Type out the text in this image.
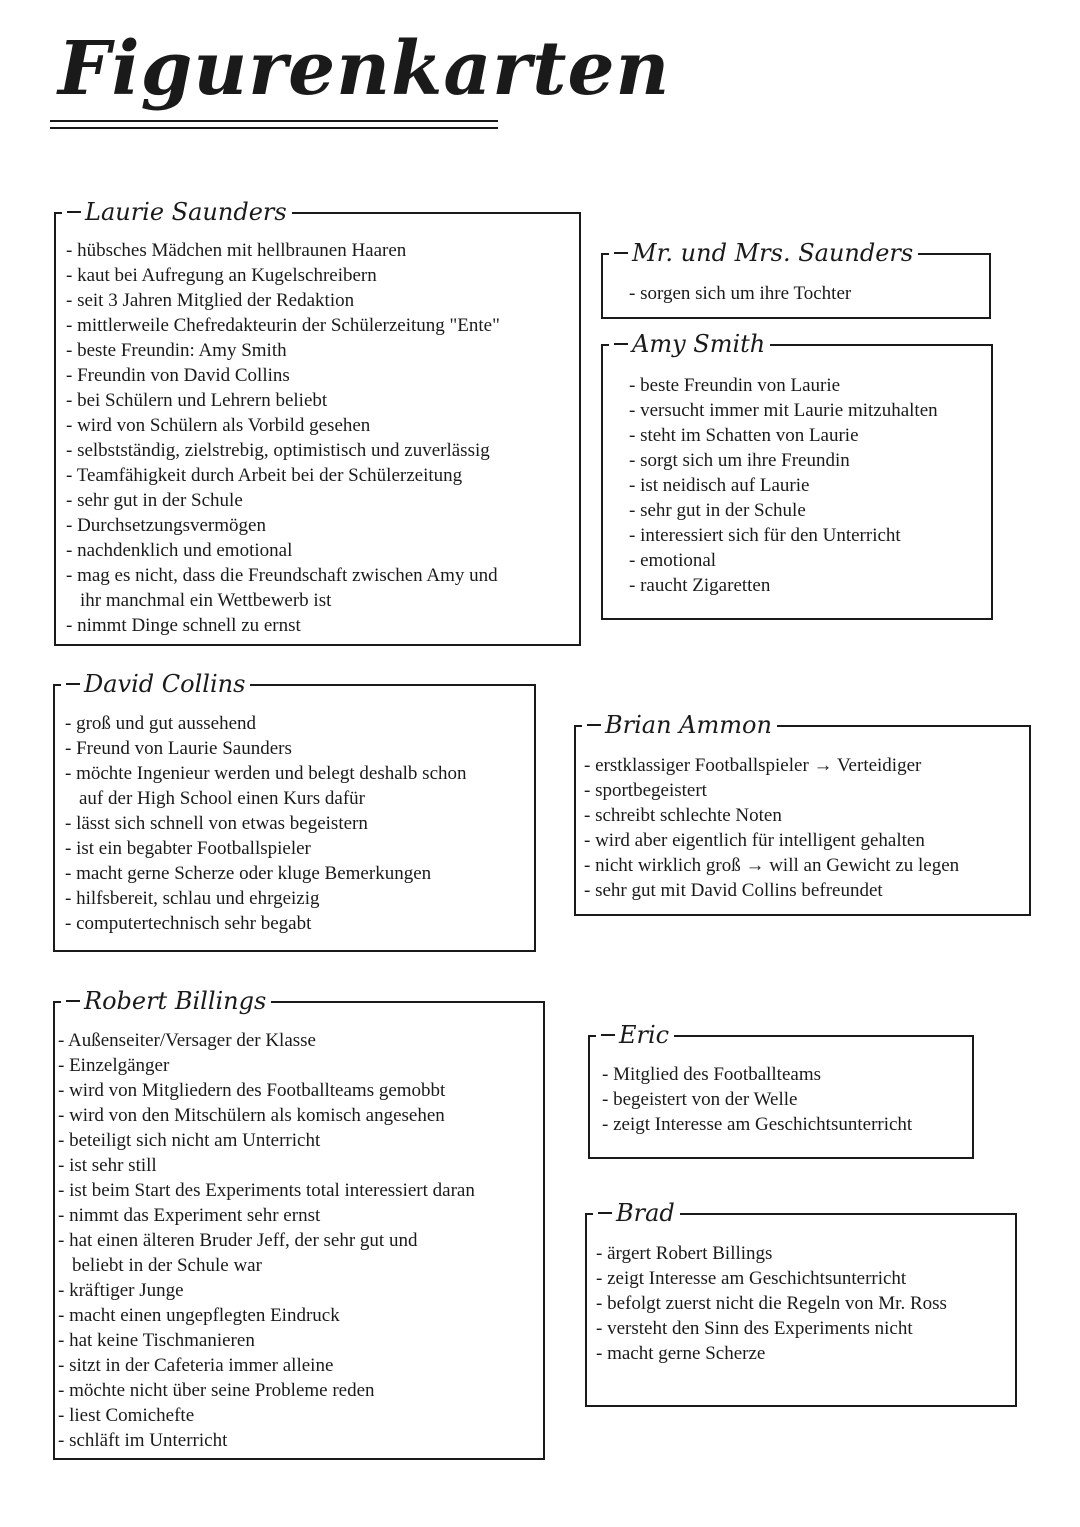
Figurenkarten
Laurie Saunders
- hübsches Mädchen mit hellbraunen Haaren
- kaut bei Aufregung an Kugelschreibern
- seit 3 Jahren Mitglied der Redaktion
- mittlerweile Chefredakteurin der Schülerzeitung "Ente"
- beste Freundin: Amy Smith
- Freundin von David Collins
- bei Schülern und Lehrern beliebt
- wird von Schülern als Vorbild gesehen
- selbstständig, zielstrebig, optimistisch und zuverlässig
- Teamfähigkeit durch Arbeit bei der Schülerzeitung
- sehr gut in der Schule
- Durchsetzungsvermögen
- nachdenklich und emotional
- mag es nicht, dass die Freundschaft zwischen Amy und
ihr manchmal ein Wettbewerb ist
- nimmt Dinge schnell zu ernst
Mr. und Mrs. Saunders
- sorgen sich um ihre Tochter
Amy Smith
- beste Freundin von Laurie
- versucht immer mit Laurie mitzuhalten
- steht im Schatten von Laurie
- sorgt sich um ihre Freundin
- ist neidisch auf Laurie
- sehr gut in der Schule
- interessiert sich für den Unterricht
- emotional
- raucht Zigaretten
David Collins
- groß und gut aussehend
- Freund von Laurie Saunders
- möchte Ingenieur werden und belegt deshalb schon
auf der High School einen Kurs dafür
- lässt sich schnell von etwas begeistern
- ist ein begabter Footballspieler
- macht gerne Scherze oder kluge Bemerkungen
- hilfsbereit, schlau und ehrgeizig
- computertechnisch sehr begabt
Brian Ammon
- erstklassiger Footballspieler → Verteidiger
- sportbegeistert
- schreibt schlechte Noten
- wird aber eigentlich für intelligent gehalten
- nicht wirklich groß → will an Gewicht zu legen
- sehr gut mit David Collins befreundet
Robert Billings
- Außenseiter/Versager der Klasse
- Einzelgänger
- wird von Mitgliedern des Footballteams gemobbt
- wird von den Mitschülern als komisch angesehen
- beteiligt sich nicht am Unterricht
- ist sehr still
- ist beim Start des Experiments total interessiert daran
- nimmt das Experiment sehr ernst
- hat einen älteren Bruder Jeff, der sehr gut und
beliebt in der Schule war
- kräftiger Junge
- macht einen ungepflegten Eindruck
- hat keine Tischmanieren
- sitzt in der Cafeteria immer alleine
- möchte nicht über seine Probleme reden
- liest Comichefte
- schläft im Unterricht
Eric
- Mitglied des Footballteams
- begeistert von der Welle
- zeigt Interesse am Geschichtsunterricht
Brad
- ärgert Robert Billings
- zeigt Interesse am Geschichtsunterricht
- befolgt zuerst nicht die Regeln von Mr. Ross
- versteht den Sinn des Experiments nicht
- macht gerne Scherze
